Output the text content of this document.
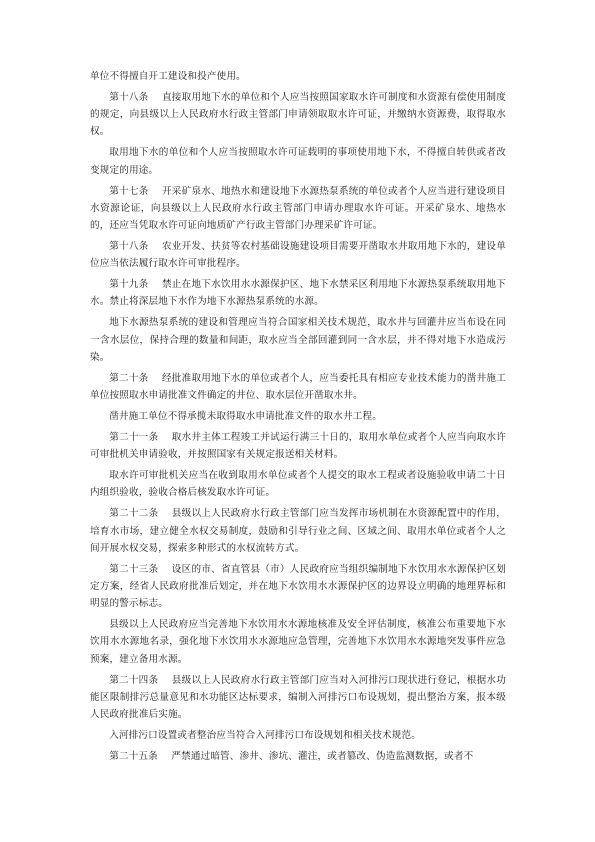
单位不得擅自开工建设和投产使用。

第十八条 直接取用地下水的单位和个人应当按照国家取水许可制度和水资源有偿使用制度的规定，向县级以上人民政府水行政主管部门申请领取取水许可证，并缴纳水资源费，取得取水权。

取用地下水的单位和个人应当按照取水许可证载明的事项使用地下水，不得擅自转供或者改变规定的用途。

第十七条 开采矿泉水、地热水和建设地下水源热泵系统的单位或者个人应当进行建设项目水资源论证，向县级以上人民政府水行政主管部门申请办理取水许可证。开采矿泉水、地热水的，还应当凭取水许可证向地质矿产行政主管部门办理采矿许可证。

第十八条 农业开发、扶贫等农村基础设施建设项目需要开凿取水井取用地下水的，建设单位应当依法履行取水许可审批程序。

第十九条 禁止在地下水饮用水水源保护区、地下水禁采区利用地下水源热泵系统取用地下水。禁止将深层地下水作为地下水源热泵系统的水源。

地下水源热泵系统的建设和管理应当符合国家相关技术规范，取水井与回灌井应当布设在同一含水层位，保持合理的数量和间距，取水应当全部回灌到同一含水层，并不得对地下水造成污染。

第二十条 经批准取用地下水的单位或者个人，应当委托具有相应专业技术能力的凿井施工单位按照取水申请批准文件确定的井位、取水层位开凿取水井。

凿井施工单位不得承揽未取得取水申请批准文件的取水井工程。

第二十一条 取水井主体工程竣工并试运行满三十日的，取用水单位或者个人应当向取水许可审批机关申请验收，并按照国家有关规定报送相关材料。

取水许可审批机关应当在收到取用水单位或者个人提交的取水工程或者设施验收申请二十日内组织验收，验收合格后核发取水许可证。

第二十二条 县级以上人民政府水行政主管部门应当发挥市场机制在水资源配置中的作用，培育水市场，建立健全水权交易制度，鼓励和引导行业之间、区域之间、取用水单位或者个人之间开展水权交易，探索多种形式的水权流转方式。

第二十三条 设区的市、省直管县（市）人民政府应当组织编制地下水饮用水水源保护区划定方案，经省人民政府批准后划定，并在地下水饮用水水源保护区的边界设立明确的地理界标和明显的警示标志。

县级以上人民政府应当完善地下水饮用水水源地核准及安全评估制度，核准公布重要地下水饮用水水源地名录，强化地下水饮用水水源地应急管理，完善地下水饮用水水源地突发事件应急预案，建立备用水源。

第二十四条 县级以上人民政府水行政主管部门应当对入河排污口现状进行登记，根据水功能区限制排污总量意见和水功能区达标要求，编制入河排污口布设规划，提出整治方案，报本级人民政府批准后实施。

入河排污口设置或者整治应当符合入河排污口布设规划和相关技术规范。

第二十五条 严禁通过暗管、渗井、渗坑、灌注，或者篡改、伪造监测数据，或者不
